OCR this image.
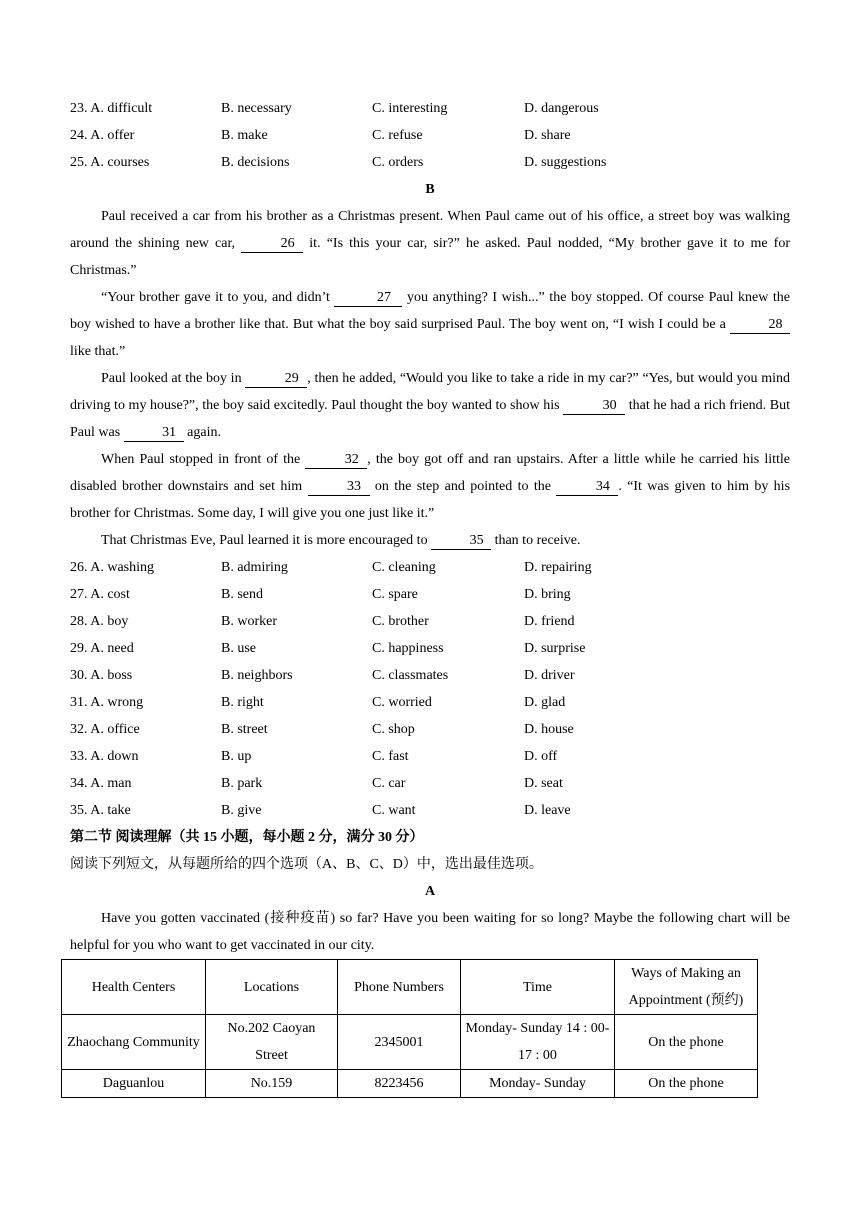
23. A. difficult	B. necessary	C. interesting	D. dangerous
24. A. offer	B. make	C. refuse	D. share
25. A. courses	B. decisions	C. orders	D. suggestions
B
Paul received a car from his brother as a Christmas present. When Paul came out of his office, a street boy was walking around the shining new car,	26 it. “Is this your car, sir?” he asked. Paul nodded, “My brother gave it to me for Christmas.”
“Your brother gave it to you, and didn’t	27 you anything? I wish...” the boy stopped. Of course Paul knew the boy wished to have a brother like that. But what the boy said surprised Paul. The boy went on, “I wish I could be a	28 like that.”
Paul looked at the boy in	29 , then he added, “Would you like to take a ride in my car?” “Yes, but would you mind driving to my house?”, the boy said excitedly. Paul thought the boy wanted to show his	30 that he had a rich friend. But Paul was	31 again.
When Paul stopped in front of the	32 , the boy got off and ran upstairs. After a little while he carried his little disabled brother downstairs and set him	33 on the step and pointed to the	34 . “It was given to him by his brother for Christmas. Some day, I will give you one just like it.”
That Christmas Eve, Paul learned it is more encouraged to	35 than to receive.
26. A. washing	B. admiring	C. cleaning	D. repairing
27. A. cost	B. send	C. spare	D. bring
28. A. boy	B. worker	C. brother	D. friend
29. A. need	B. use	C. happiness	D. surprise
30. A. boss	B. neighbors	C. classmates	D. driver
31. A. wrong	B. right	C. worried	D. glad
32. A. office	B. street	C. shop	D. house
33. A. down	B. up	C. fast	D. off
34. A. man	B. park	C. car	D. seat
35. A. take	B. give	C. want	D. leave
第二节 阅读理解（共 15 小题，每小题 2 分，满分 30 分）
阅读下列短文，从每题所给的四个选项（A、B、C、D）中，选出最佳选项。
A
Have you gotten vaccinated (接种疫苗) so far? Have you been waiting for so long? Maybe the following chart will be helpful for you who want to get vaccinated in our city.
Health Centers	Locations	Phone Numbers	Time	Ways of Making an Appointment (预约)
Zhaochang Community	No.202 Caoyan Street	2345001	Monday- Sunday 14 : 00-17 : 00	On the phone
Daguanlou	No.159	8223456	Monday- Sunday	On the phone
